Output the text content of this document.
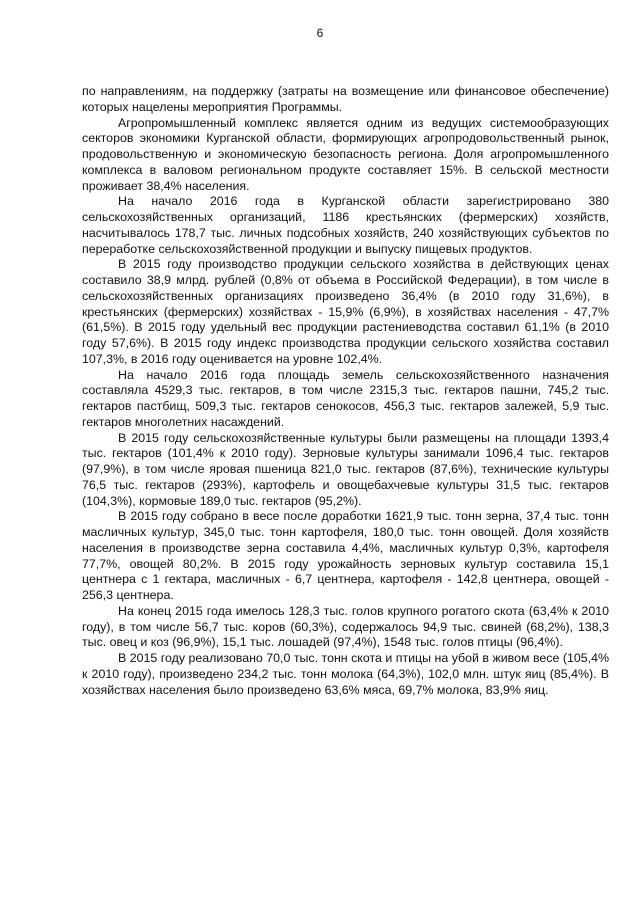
6

по направлениям, на поддержку (затраты на возмещение или финансовое обеспечение) которых нацелены мероприятия Программы.

Агропромышленный комплекс является одним из ведущих системообразующих секторов экономики Курганской области, формирующих агропродовольственный рынок, продовольственную и экономическую безопасность региона. Доля агропромышленного комплекса в валовом региональном продукте составляет 15%. В сельской местности проживает 38,4% населения.

На начало 2016 года в Курганской области зарегистрировано 380 сельскохозяйственных организаций, 1186 крестьянских (фермерских) хозяйств, насчитывалось 178,7 тыс. личных подсобных хозяйств, 240 хозяйствующих субъектов по переработке сельскохозяйственной продукции и выпуску пищевых продуктов.

В 2015 году производство продукции сельского хозяйства в действующих ценах составило 38,9 млрд. рублей (0,8% от объема в Российской Федерации), в том числе в сельскохозяйственных организациях произведено 36,4% (в 2010 году 31,6%), в крестьянских (фермерских) хозяйствах - 15,9% (6,9%), в хозяйствах населения - 47,7% (61,5%). В 2015 году удельный вес продукции растениеводства составил 61,1% (в 2010 году 57,6%). В 2015 году индекс производства продукции сельского хозяйства составил 107,3%, в 2016 году оценивается на уровне 102,4%.

На начало 2016 года площадь земель сельскохозяйственного назначения составляла 4529,3 тыс. гектаров, в том числе 2315,3 тыс. гектаров пашни, 745,2 тыс. гектаров пастбищ, 509,3 тыс. гектаров сенокосов, 456,3 тыс. гектаров залежей, 5,9 тыс. гектаров многолетних насаждений.

В 2015 году сельскохозяйственные культуры были размещены на площади 1393,4 тыс. гектаров (101,4% к 2010 году). Зерновые культуры занимали 1096,4 тыс. гектаров (97,9%), в том числе яровая пшеница 821,0 тыс. гектаров (87,6%), технические культуры 76,5 тыс. гектаров (293%), картофель и овощебахчевые культуры 31,5 тыс. гектаров (104,3%), кормовые 189,0 тыс. гектаров (95,2%).

В 2015 году собрано в весе после доработки 1621,9 тыс. тонн зерна, 37,4 тыс. тонн масличных культур, 345,0 тыс. тонн картофеля, 180,0 тыс. тонн овощей. Доля хозяйств населения в производстве зерна составила 4,4%, масличных культур 0,3%, картофеля 77,7%, овощей 80,2%. В 2015 году урожайность зерновых культур составила 15,1 центнера с 1 гектара, масличных - 6,7 центнера, картофеля - 142,8 центнера, овощей - 256,3 центнера.

На конец 2015 года имелось 128,3 тыс. голов крупного рогатого скота (63,4% к 2010 году), в том числе 56,7 тыс. коров (60,3%), содержалось 94,9 тыс. свиней (68,2%), 138,3 тыс. овец и коз (96,9%), 15,1 тыс. лошадей (97,4%), 1548 тыс. голов птицы (96,4%).

В 2015 году реализовано 70,0 тыс. тонн скота и птицы на убой в живом весе (105,4% к 2010 году), произведено 234,2 тыс. тонн молока (64,3%), 102,0 млн. штук яиц (85,4%). В хозяйствах населения было произведено 63,6% мяса, 69,7% молока, 83,9% яиц.
